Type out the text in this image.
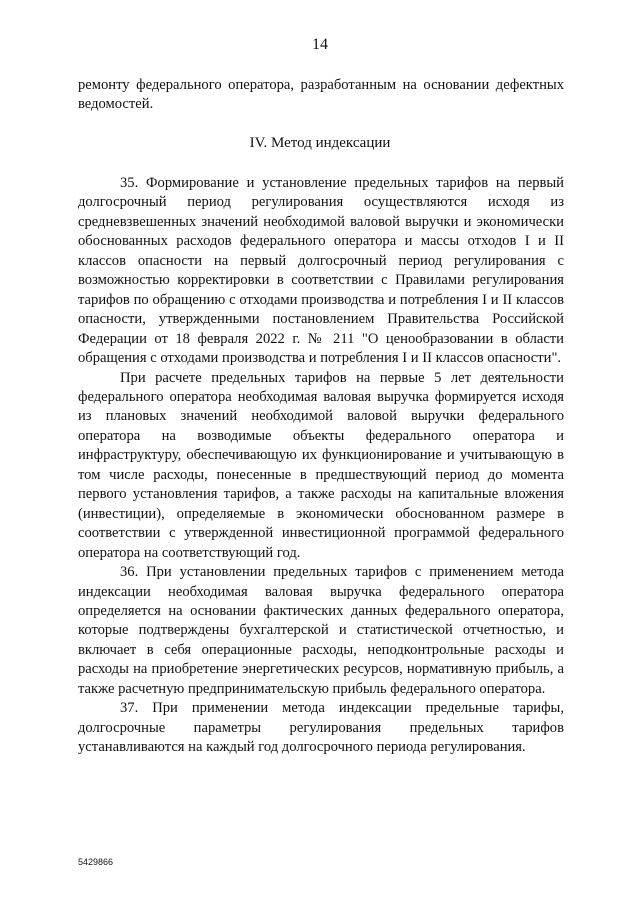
14

ремонту федерального оператора, разработанным на основании дефектных ведомостей.

IV. Метод индексации

35. Формирование и установление предельных тарифов на первый долгосрочный период регулирования осуществляются исходя из средневзвешенных значений необходимой валовой выручки и экономически обоснованных расходов федерального оператора и массы отходов I и II классов опасности на первый долгосрочный период регулирования с возможностью корректировки в соответствии с Правилами регулирования тарифов по обращению с отходами производства и потребления I и II классов опасности, утвержденными постановлением Правительства Российской Федерации от 18 февраля 2022 г. № 211 "О ценообразовании в области обращения с отходами производства и потребления I и II классов опасности".

При расчете предельных тарифов на первые 5 лет деятельности федерального оператора необходимая валовая выручка формируется исходя из плановых значений необходимой валовой выручки федерального оператора на возводимые объекты федерального оператора и инфраструктуру, обеспечивающую их функционирование и учитывающую в том числе расходы, понесенные в предшествующий период до момента первого установления тарифов, а также расходы на капитальные вложения (инвестиции), определяемые в экономически обоснованном размере в соответствии с утвержденной инвестиционной программой федерального оператора на соответствующий год.

36. При установлении предельных тарифов с применением метода индексации необходимая валовая выручка федерального оператора определяется на основании фактических данных федерального оператора, которые подтверждены бухгалтерской и статистической отчетностью, и включает в себя операционные расходы, неподконтрольные расходы и расходы на приобретение энергетических ресурсов, нормативную прибыль, а также расчетную предпринимательскую прибыль федерального оператора.

37. При применении метода индексации предельные тарифы, долгосрочные параметры регулирования предельных тарифов устанавливаются на каждый год долгосрочного периода регулирования.

5429866
